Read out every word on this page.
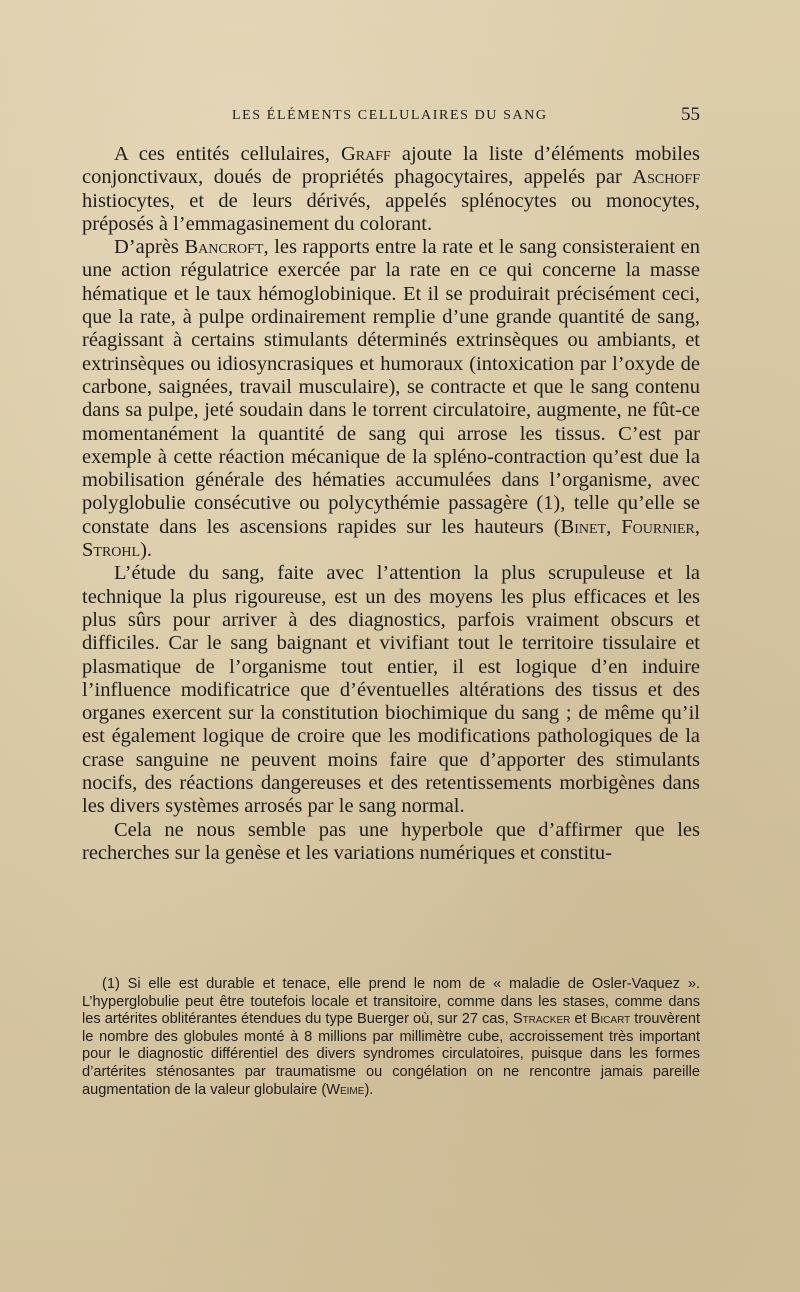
LES ÉLÉMENTS CELLULAIRES DU SANG	55

A ces entités cellulaires, Graff ajoute la liste d’éléments mobiles conjonctivaux, doués de propriétés phagocytaires, appelés par Aschoff histiocytes, et de leurs dérivés, appelés splénocytes ou monocytes, préposés à l’emmagasinement du colorant.

D’après Bancroft, les rapports entre la rate et le sang consisteraient en une action régulatrice exercée par la rate en ce qui concerne la masse hématique et le taux hémoglobinique. Et il se produirait précisément ceci, que la rate, à pulpe ordinairement remplie d’une grande quantité de sang, réagissant à certains stimulants déterminés extrinsèques ou ambiants, et extrinsèques ou idiosyncrasiques et humoraux (intoxication par l’oxyde de carbone, saignées, travail musculaire), se contracte et que le sang contenu dans sa pulpe, jeté soudain dans le torrent circulatoire, augmente, ne fût-ce momentanément la quantité de sang qui arrose les tissus. C’est par exemple à cette réaction mécanique de la spléno-contraction qu’est due la mobilisation générale des hématies accumulées dans l’organisme, avec polyglobulie consécutive ou polycythémie passagère (1), telle qu’elle se constate dans les ascensions rapides sur les hauteurs (Binet, Fournier, Strohl).

L’étude du sang, faite avec l’attention la plus scrupuleuse et la technique la plus rigoureuse, est un des moyens les plus efficaces et les plus sûrs pour arriver à des diagnostics, parfois vraiment obscurs et difficiles. Car le sang baignant et vivifiant tout le territoire tissulaire et plasmatique de l’organisme tout entier, il est logique d’en induire l’influence modificatrice que d’éventuelles altérations des tissus et des organes exercent sur la constitution biochimique du sang ; de même qu’il est également logique de croire que les modifications pathologiques de la crase sanguine ne peuvent moins faire que d’apporter des stimulants nocifs, des réactions dangereuses et des retentissements morbigènes dans les divers systèmes arrosés par le sang normal.

Cela ne nous semble pas une hyperbole que d’affirmer que les recherches sur la genèse et les variations numériques et constitu-

(1) Si elle est durable et tenace, elle prend le nom de « maladie de Osler-Vaquez ». L’hyperglobulie peut être toutefois locale et transitoire, comme dans les stases, comme dans les artérites oblitérantes étendues du type Buerger où, sur 27 cas, Stracker et Bicart trouvèrent le nombre des globules monté à 8 millions par millimètre cube, accroissement très important pour le diagnostic différentiel des divers syndromes circulatoires, puisque dans les formes d’artérites sténosantes par traumatisme ou congélation on ne rencontre jamais pareille augmentation de la valeur globulaire (Weime).
